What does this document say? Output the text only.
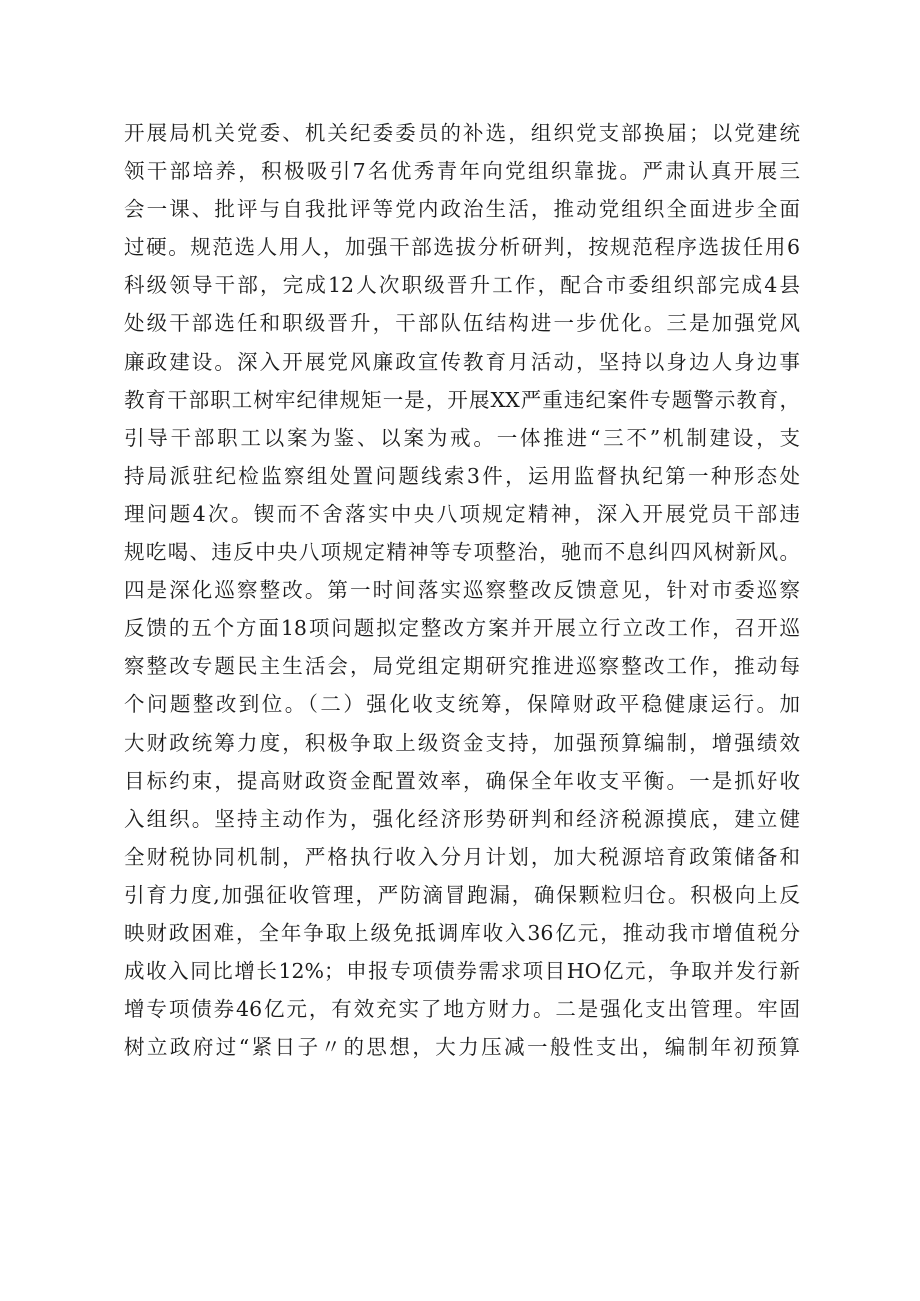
开展局机关党委、机关纪委委员的补选，组织党支部换届；以党建统
领干部培养，积极吸引7名优秀青年向党组织靠拢。严肃认真开展三
会一课、批评与自我批评等党内政治生活，推动党组织全面进步全面
过硬。规范选人用人，加强干部选拔分析研判，按规范程序选拔任用6
科级领导干部，完成12人次职级晋升工作，配合市委组织部完成4县
处级干部选任和职级晋升，干部队伍结构进一步优化。三是加强党风
廉政建设。深入开展党风廉政宣传教育月活动，坚持以身边人身边事
教育干部职工树牢纪律规矩一是，开展XX严重违纪案件专题警示教育，
引导干部职工以案为鉴、以案为戒。一体推进“三不”机制建设，支
持局派驻纪检监察组处置问题线索3件，运用监督执纪第一种形态处
理问题4次。锲而不舍落实中央八项规定精神，深入开展党员干部违
规吃喝、违反中央八项规定精神等专项整治，驰而不息纠四风树新风。
四是深化巡察整改。第一时间落实巡察整改反馈意见，针对市委巡察
反馈的五个方面18项问题拟定整改方案并开展立行立改工作，召开巡
察整改专题民主生活会，局党组定期研究推进巡察整改工作，推动每
个问题整改到位。（二）强化收支统筹，保障财政平稳健康运行。加
大财政统筹力度，积极争取上级资金支持，加强预算编制，增强绩效
目标约束，提高财政资金配置效率，确保全年收支平衡。一是抓好收
入组织。坚持主动作为，强化经济形势研判和经济税源摸底，建立健
全财税协同机制，严格执行收入分月计划，加大税源培育政策储备和
引育力度,加强征收管理，严防滴冒跑漏，确保颗粒归仓。积极向上反
映财政困难，全年争取上级免抵调库收入36亿元，推动我市增值税分
成收入同比增长12%；申报专项债券需求项目HO亿元，争取并发行新
增专项债券46亿元，有效充实了地方财力。二是强化支出管理。牢固
树立政府过“紧日子〃的思想，大力压减一般性支出，编制年初预算
